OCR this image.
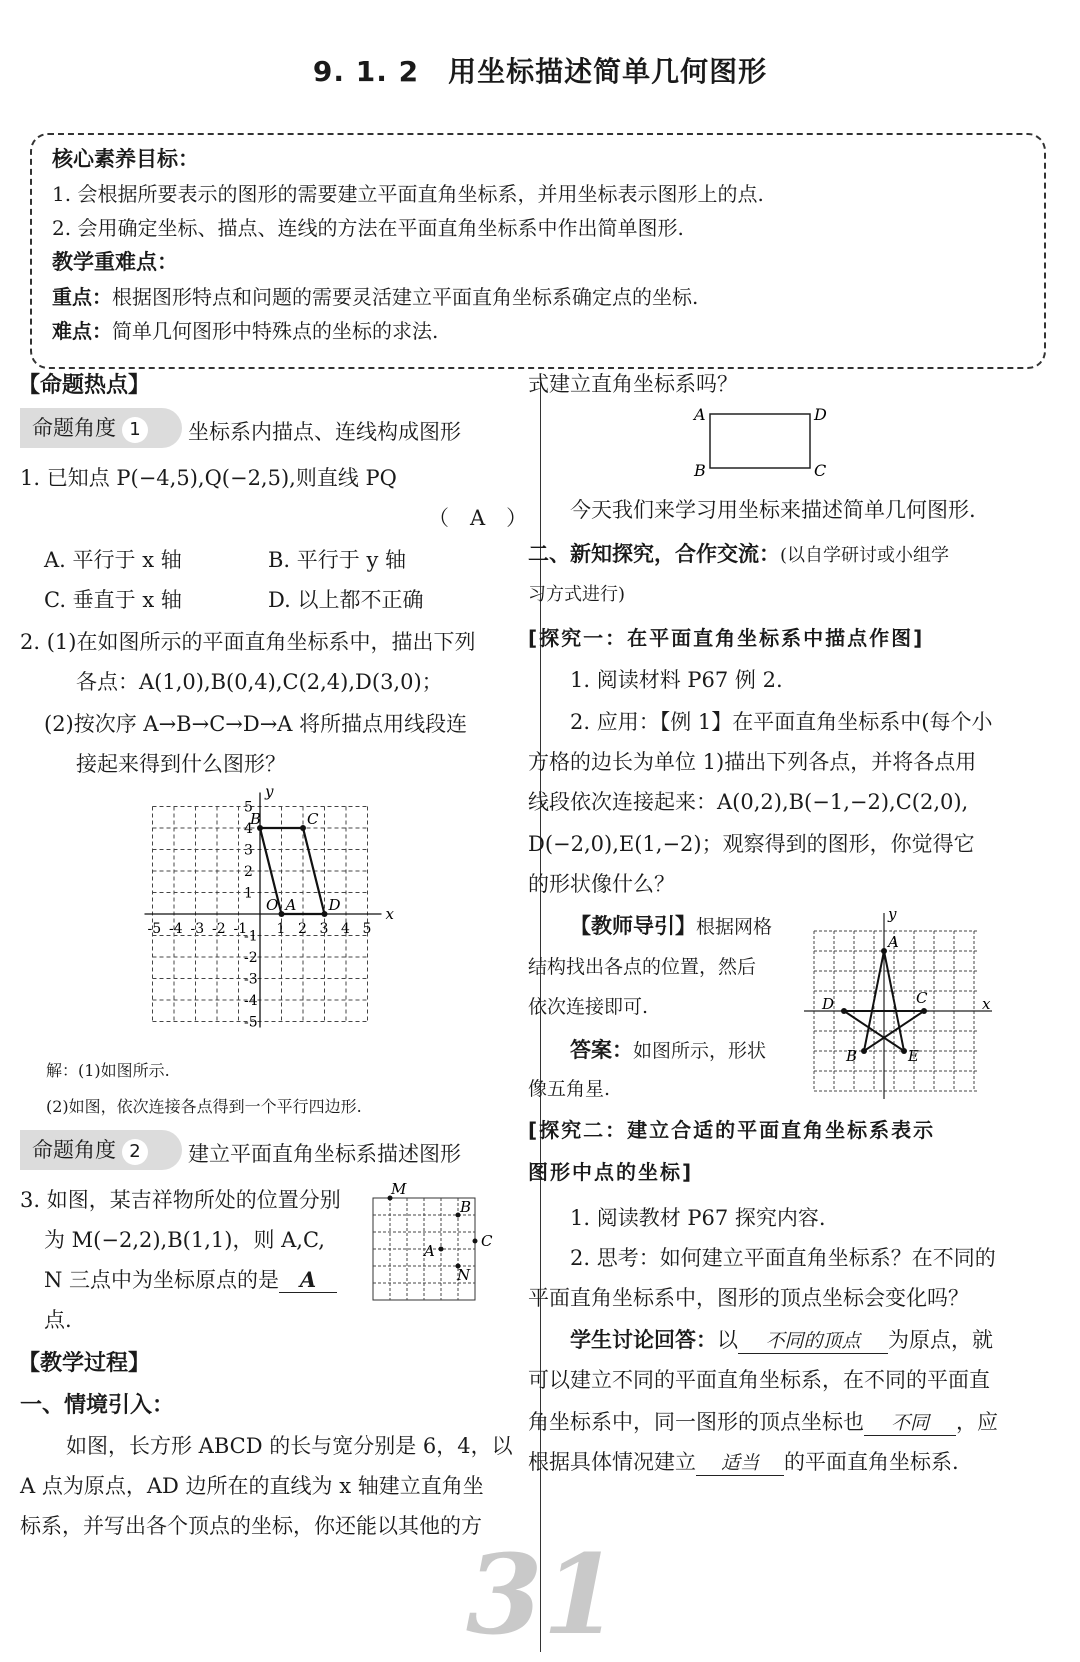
9. 1. 2　用坐标描述简单几何图形
核心素养目标：
1. 会根据所要表示的图形的需要建立平面直角坐标系，并用坐标表示图形上的点.
2. 会用确定坐标、描点、连线的方法在平面直角坐标系中作出简单图形.
教学重难点：
重点：根据图形特点和问题的需要灵活建立平面直角坐标系确定点的坐标.
难点：简单几何图形中特殊点的坐标的求法.
【命题热点】
命题角度 1	坐标系内描点、连线构成图形
1. 已知点 P(−4,5),Q(−2,5),则直线 PQ
（　A　）
A. 平行于 x 轴	B. 平行于 y 轴
C. 垂直于 x 轴	D. 以上都不正确
2. (1)在如图所示的平面直角坐标系中，描出下列
各点：A(1,0),B(0,4),C(2,4),D(3,0)；
(2)按次序 A→B→C→D→A 将所描点用线段连
接起来得到什么图形？
x
y
-5 -4 -3 -2 -1 1 2 3 4 5
5
4
3
2
1
-1
-2
-3
-4
-5
O A
B	C
D
解：(1)如图所示.
(2)如图，依次连接各点得到一个平行四边形.
命题角度 2	建立平面直角坐标系描述图形
3. 如图，某吉祥物所处的位置分别
为 M(−2,2),B(1,1)，则 A,C,
N 三点中为坐标原点的是 A
点.
M
B
C
A
N
【教学过程】
一、情境引入：
如图，长方形 ABCD 的长与宽分别是 6，4，以
A 点为原点，AD 边所在的直线为 x 轴建立直角坐
标系，并写出各个顶点的坐标，你还能以其他的方
式建立直角坐标系吗？
A	D
B	C
今天我们来学习用坐标来描述简单几何图形.
二、新知探究，合作交流：(以自学研讨或小组学
习方式进行)
[探究一：在平面直角坐标系中描点作图]
1. 阅读材料 P67 例 2.
2. 应用：【例 1】在平面直角坐标系中(每个小
方格的边长为单位 1)描出下列各点，并将各点用
线段依次连接起来：A(0,2),B(−1,−2),C(2,0),
D(−2,0),E(1,−2)；观察得到的图形，你觉得它
的形状像什么？
【教师导引】根据网格
结构找出各点的位置，然后
依次连接即可.
答案：如图所示，形状
像五角星.
A
B
C
D
E
x
y
[探究二：建立合适的平面直角坐标系表示
图形中点的坐标]
1. 阅读教材 P67 探究内容.
2. 思考：如何建立平面直角坐标系？在不同的
平面直角坐标系中，图形的顶点坐标会变化吗？
学生讨论回答：以 不同的顶点 为原点，就
可以建立不同的平面直角坐标系，在不同的平面直
角坐标系中，同一图形的顶点坐标也 不同 ，应
根据具体情况建立 适当 的平面直角坐标系.
31
